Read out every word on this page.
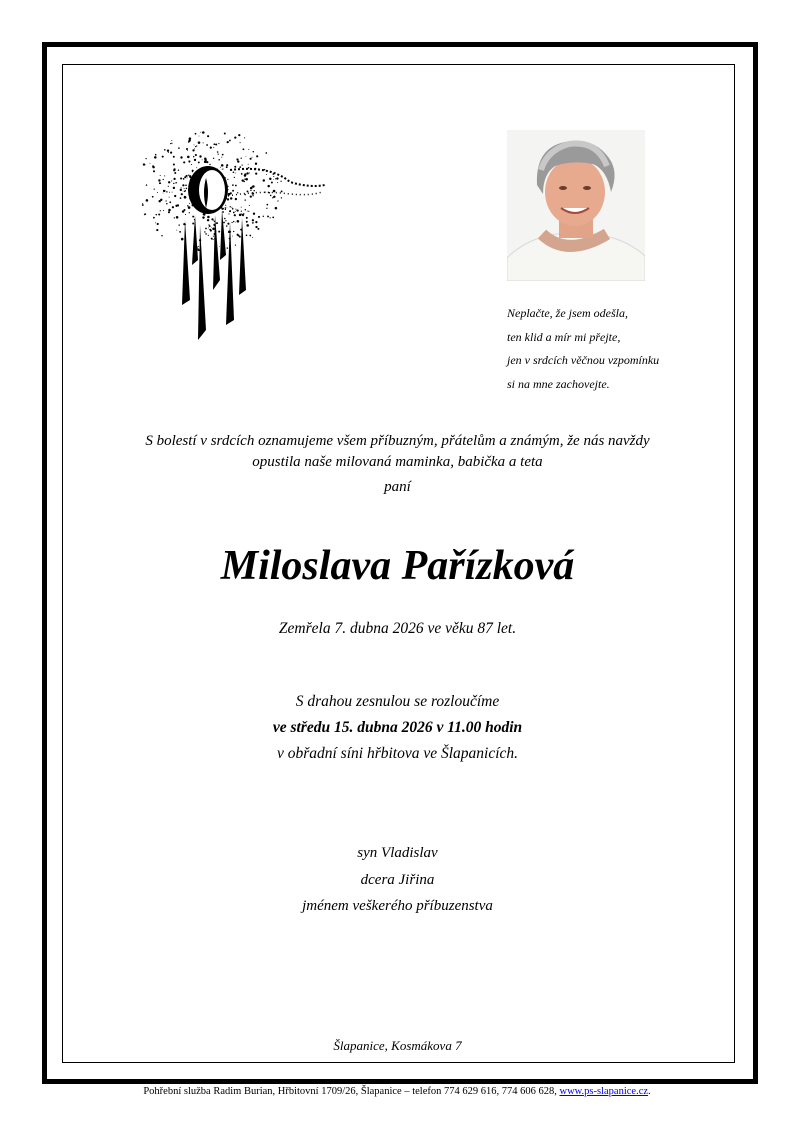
Neplačte, že jsem odešla,
ten klid a mír mi přejte,
jen v srdcích věčnou vzpomínku
si na mne zachovejte.
S bolestí v srdcích oznamujeme všem příbuzným, přátelům a známým, že nás navždy
opustila naše milovaná maminka, babička a teta
paní
Miloslava Pařízková
Zemřela 7. dubna 2026 ve věku 87 let.
S drahou zesnulou se rozloučíme
ve středu 15. dubna 2026 v 11.00 hodin
v obřadní síni hřbitova ve Šlapanicích.
syn Vladislav
dcera Jiřina
jménem veškerého příbuzenstva
Šlapanice, Kosmákova 7
Pohřební služba Radim Burian, Hřbitovní 1709/26, Šlapanice – telefon 774 629 616, 774 606 628, www.ps-slapanice.cz.
